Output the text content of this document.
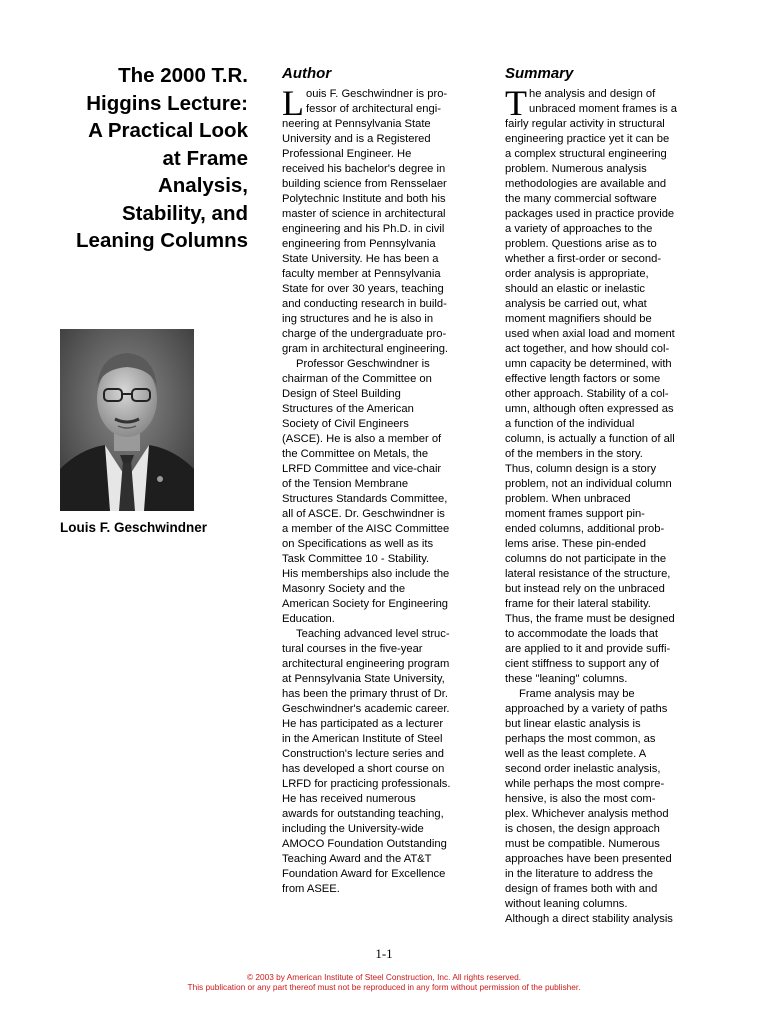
The 2000 T.R.
Higgins Lecture:
A Practical Look
at Frame
Analysis,
Stability, and
Leaning Columns
Louis F. Geschwindner
Author
L ouis F. Geschwindner is pro-
fessor of architectural engi-
neering at Pennsylvania State
University and is a Registered
Professional Engineer. He
received his bachelor's degree in
building science from Rensselaer
Polytechnic Institute and both his
master of science in architectural
engineering and his Ph.D. in civil
engineering from Pennsylvania
State University. He has been a
faculty member at Pennsylvania
State for over 30 years, teaching
and conducting research in build-
ing structures and he is also in
charge of the undergraduate pro-
gram in architectural engineering.
Professor Geschwindner is
chairman of the Committee on
Design of Steel Building
Structures of the American
Society of Civil Engineers
(ASCE). He is also a member of
the Committee on Metals, the
LRFD Committee and vice-chair
of the Tension Membrane
Structures Standards Committee,
all of ASCE. Dr. Geschwindner is
a member of the AISC Committee
on Specifications as well as its
Task Committee 10 - Stability.
His memberships also include the
Masonry Society and the
American Society for Engineering
Education.
Teaching advanced level struc-
tural courses in the five-year
architectural engineering program
at Pennsylvania State University,
has been the primary thrust of Dr.
Geschwindner's academic career.
He has participated as a lecturer
in the American Institute of Steel
Construction's lecture series and
has developed a short course on
LRFD for practicing professionals.
He has received numerous
awards for outstanding teaching,
including the University-wide
AMOCO Foundation Outstanding
Teaching Award and the AT&T
Foundation Award for Excellence
from ASEE.
Summary
T he analysis and design of
unbraced moment frames is a
fairly regular activity in structural
engineering practice yet it can be
a complex structural engineering
problem. Numerous analysis
methodologies are available and
the many commercial software
packages used in practice provide
a variety of approaches to the
problem. Questions arise as to
whether a first-order or second-
order analysis is appropriate,
should an elastic or inelastic
analysis be carried out, what
moment magnifiers should be
used when axial load and moment
act together, and how should col-
umn capacity be determined, with
effective length factors or some
other approach. Stability of a col-
umn, although often expressed as
a function of the individual
column, is actually a function of all
of the members in the story.
Thus, column design is a story
problem, not an individual column
problem. When unbraced
moment frames support pin-
ended columns, additional prob-
lems arise. These pin-ended
columns do not participate in the
lateral resistance of the structure,
but instead rely on the unbraced
frame for their lateral stability.
Thus, the frame must be designed
to accommodate the loads that
are applied to it and provide suffi-
cient stiffness to support any of
these "leaning" columns.
Frame analysis may be
approached by a variety of paths
but linear elastic analysis is
perhaps the most common, as
well as the least complete. A
second order inelastic analysis,
while perhaps the most compre-
hensive, is also the most com-
plex. Whichever analysis method
is chosen, the design approach
must be compatible. Numerous
approaches have been presented
in the literature to address the
design of frames both with and
without leaning columns.
Although a direct stability analysis
1-1
© 2003 by American Institute of Steel Construction, Inc. All rights reserved.
This publication or any part thereof must not be reproduced in any form without permission of the publisher.
